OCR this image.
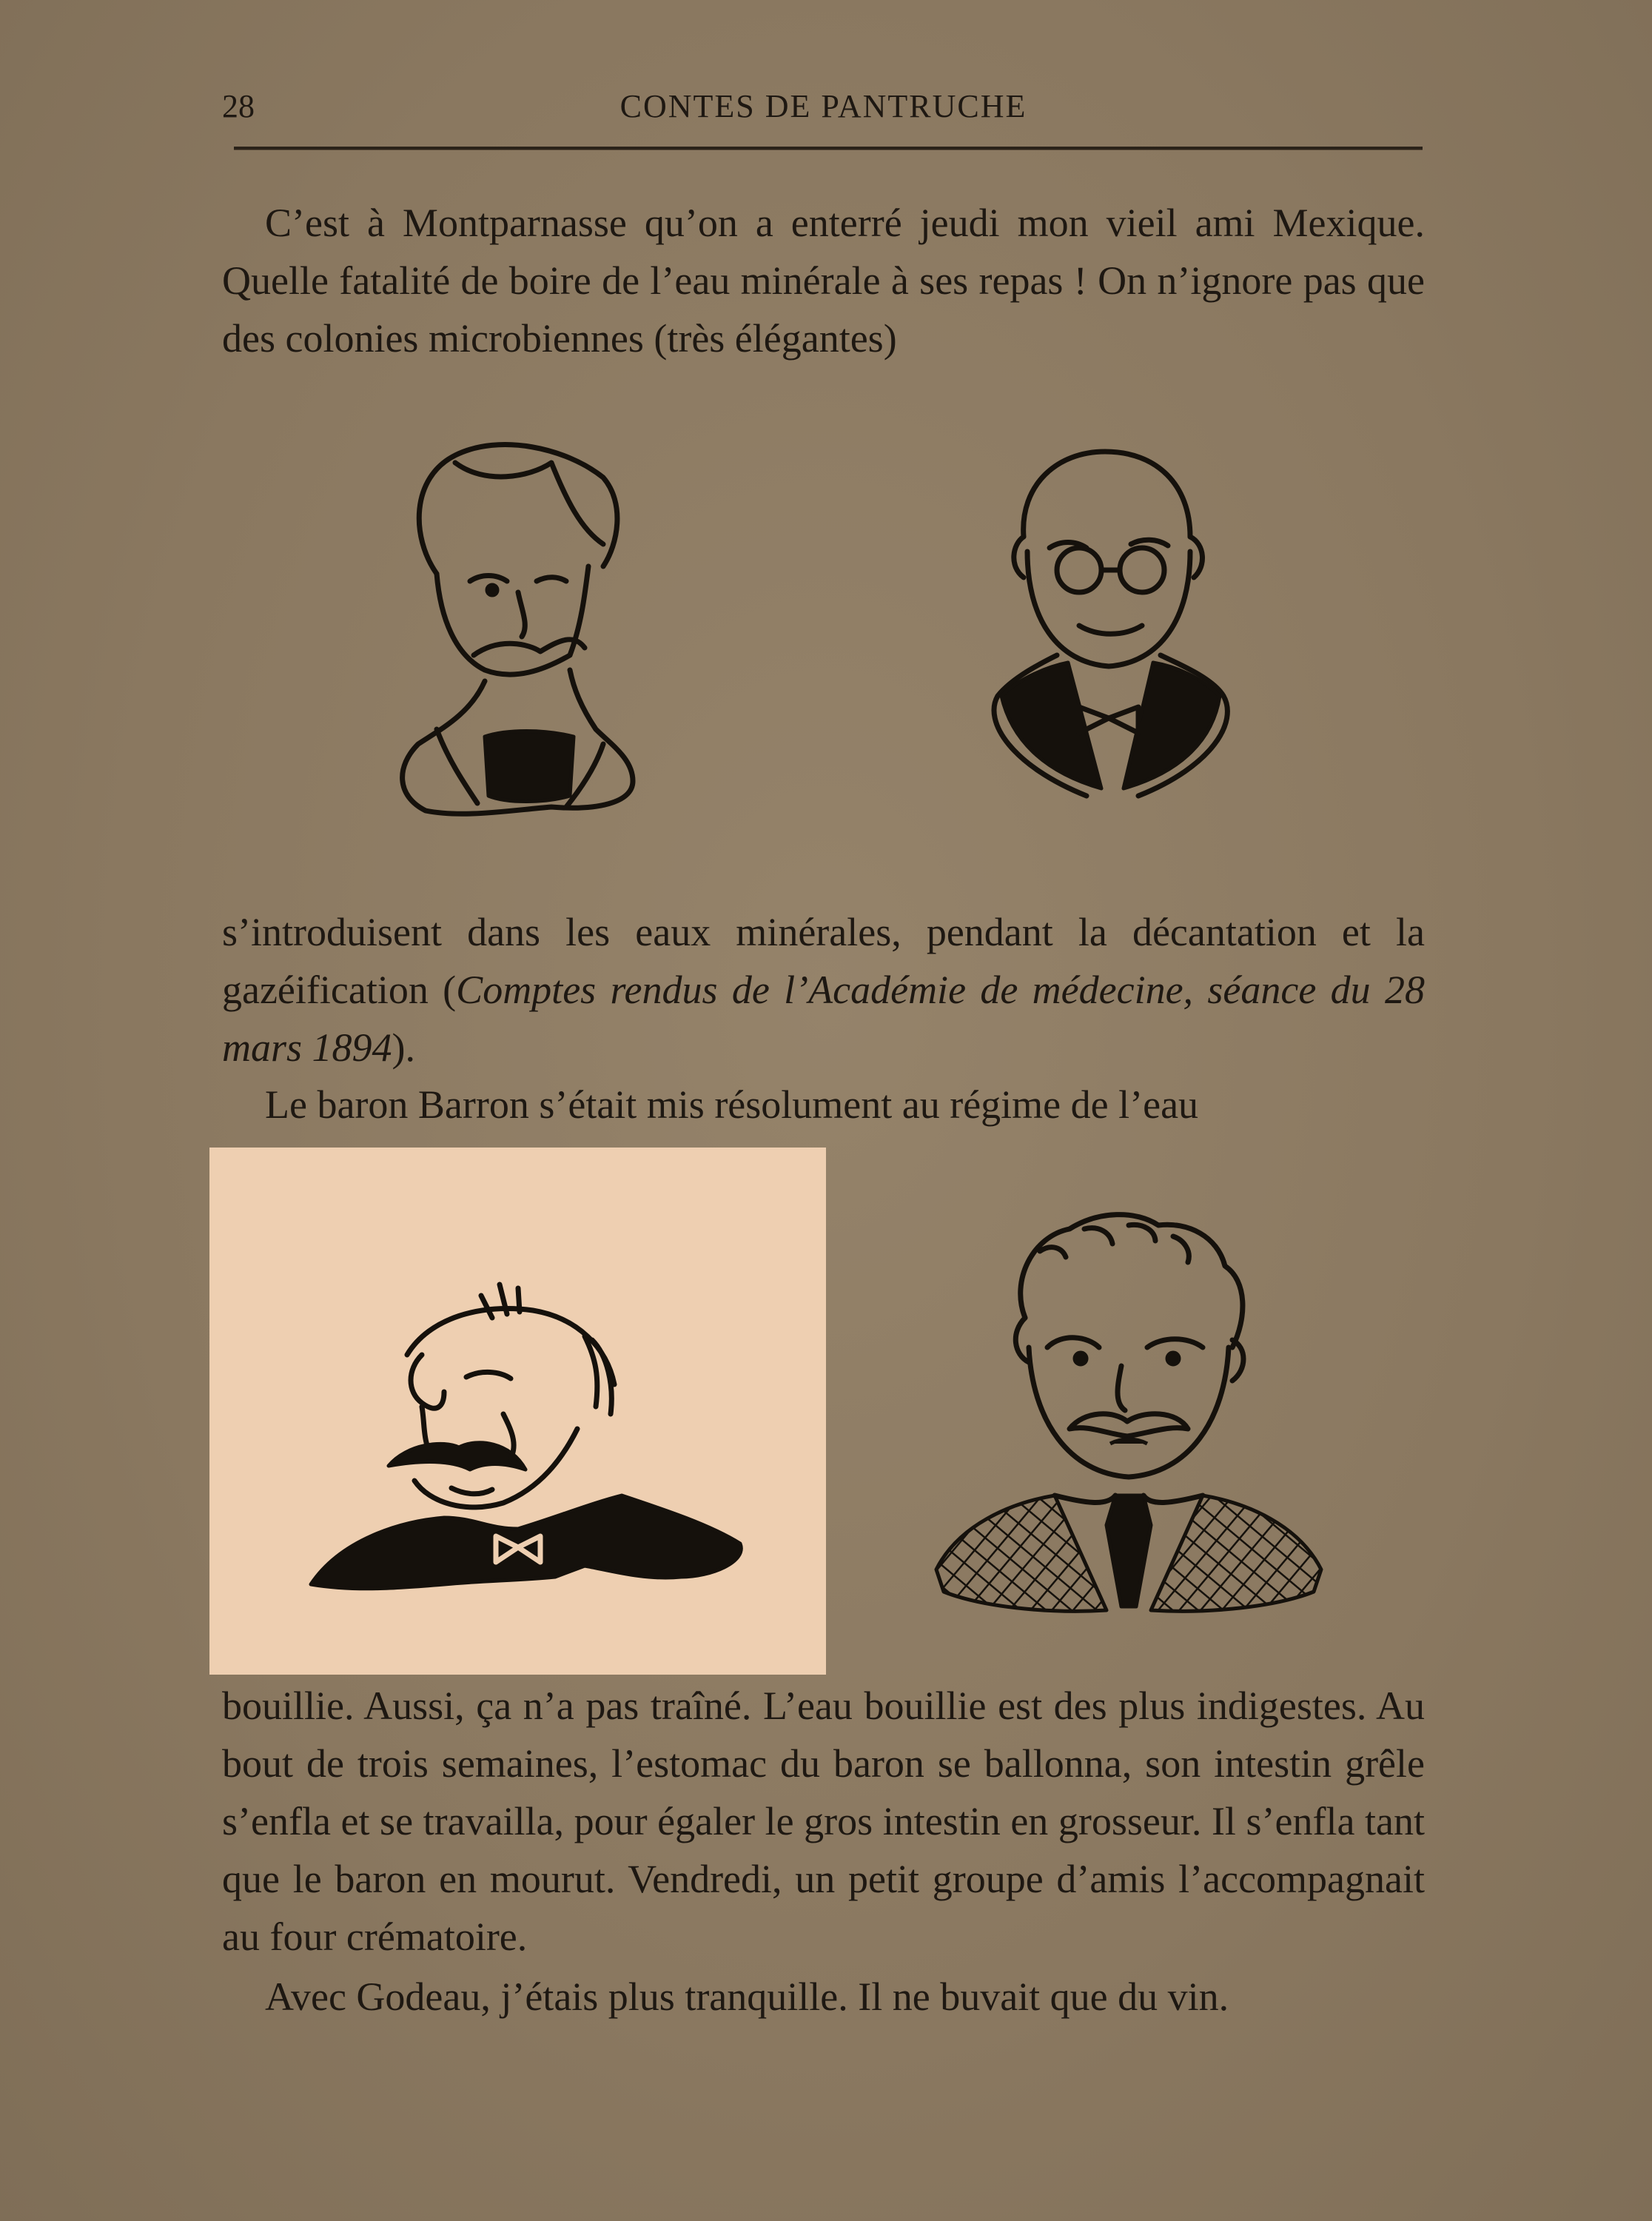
28	CONTES DE PANTRUCHE

C’est à Montparnasse qu’on a enterré jeudi mon vieil ami Mexique. Quelle fatalité de boire de l’eau minérale à ses repas ! On n’ignore pas que des colonies microbiennes (très élégantes)

s’introduisent dans les eaux minérales, pendant la décantation et la gazéification (Comptes rendus de l’Académie de médecine, séance du 28 mars 1894).

Le baron Barron s’était mis résolument au régime de l’eau

bouillie. Aussi, ça n’a pas traîné. L’eau bouillie est des plus indigestes. Au bout de trois semaines, l’estomac du baron se ballonna, son intestin grêle s’enfla et se travailla, pour égaler le gros intestin en grosseur. Il s’enfla tant que le baron en mourut. Vendredi, un petit groupe d’amis l’accompagnait au four crématoire.

Avec Godeau, j’étais plus tranquille. Il ne buvait que du vin.
